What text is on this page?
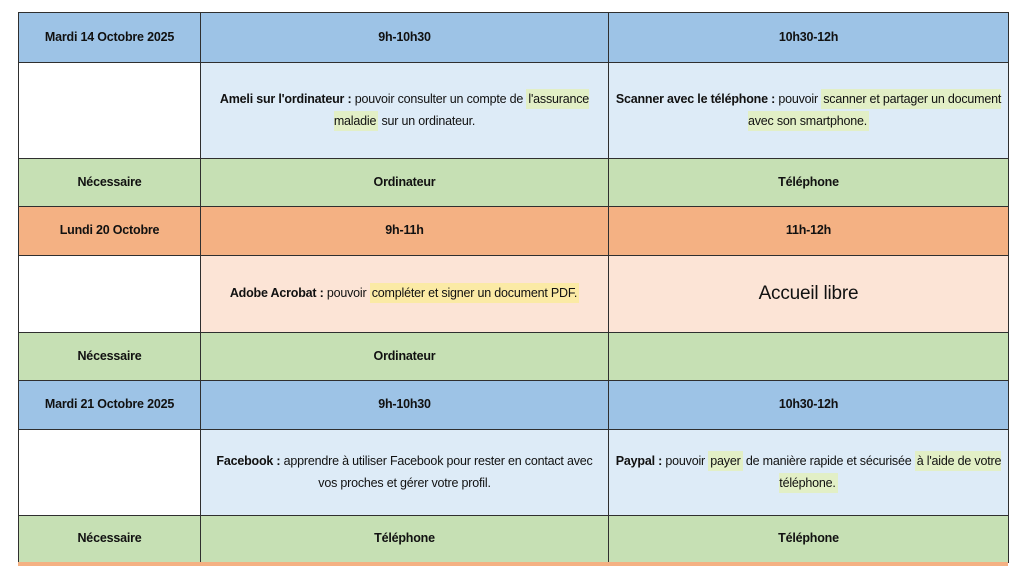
Mardi 14 Octobre 2025	9h-10h30	10h30-12h
	Ameli sur l'ordinateur : pouvoir consulter un compte de l'assurance maladie sur un ordinateur.	Scanner avec le téléphone : pouvoir scanner et partager un document avec son smartphone.
Nécessaire	Ordinateur	Téléphone
Lundi 20 Octobre	9h-11h	11h-12h
	Adobe Acrobat : pouvoir compléter et signer un document PDF.	Accueil libre
Nécessaire	Ordinateur	
Mardi 21 Octobre 2025	9h-10h30	10h30-12h
	Facebook : apprendre à utiliser Facebook pour rester en contact avec vos proches et gérer votre profil.	Paypal : pouvoir payer de manière rapide et sécurisée à l'aide de votre téléphone.
Nécessaire	Téléphone	Téléphone
